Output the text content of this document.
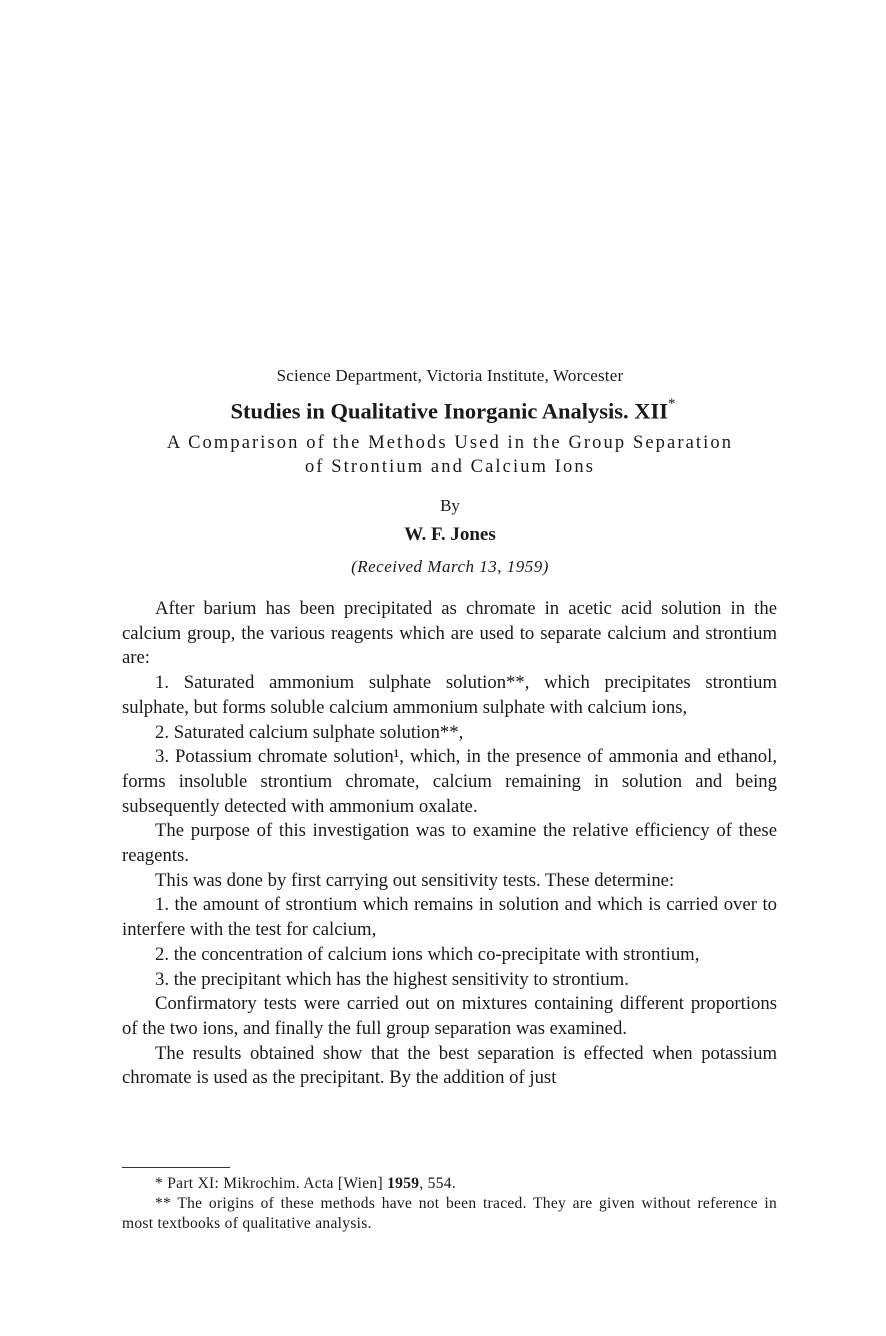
Science Department, Victoria Institute, Worcester
Studies in Qualitative Inorganic Analysis. XII*
A Comparison of the Methods Used in the Group Separation
of Strontium and Calcium Ions
By
W. F. Jones
(Received March 13, 1959)

After barium has been precipitated as chromate in acetic acid solution in the calcium group, the various reagents which are used to separate calcium and strontium are:

1. Saturated ammonium sulphate solution**, which precipitates strontium sulphate, but forms soluble calcium ammonium sulphate with calcium ions,

2. Saturated calcium sulphate solution**,

3. Potassium chromate solution¹, which, in the presence of ammonia and ethanol, forms insoluble strontium chromate, calcium remaining in solution and being subsequently detected with ammonium oxalate.

The purpose of this investigation was to examine the relative efficiency of these reagents.

This was done by first carrying out sensitivity tests. These determine:

1. the amount of strontium which remains in solution and which is carried over to interfere with the test for calcium,

2. the concentration of calcium ions which co-precipitate with strontium,

3. the precipitant which has the highest sensitivity to strontium.

Confirmatory tests were carried out on mixtures containing different proportions of the two ions, and finally the full group separation was examined.

The results obtained show that the best separation is effected when potassium chromate is used as the precipitant. By the addition of just

* Part XI: Mikrochim. Acta [Wien] 1959, 554.

** The origins of these methods have not been traced. They are given without reference in most textbooks of qualitative analysis.
